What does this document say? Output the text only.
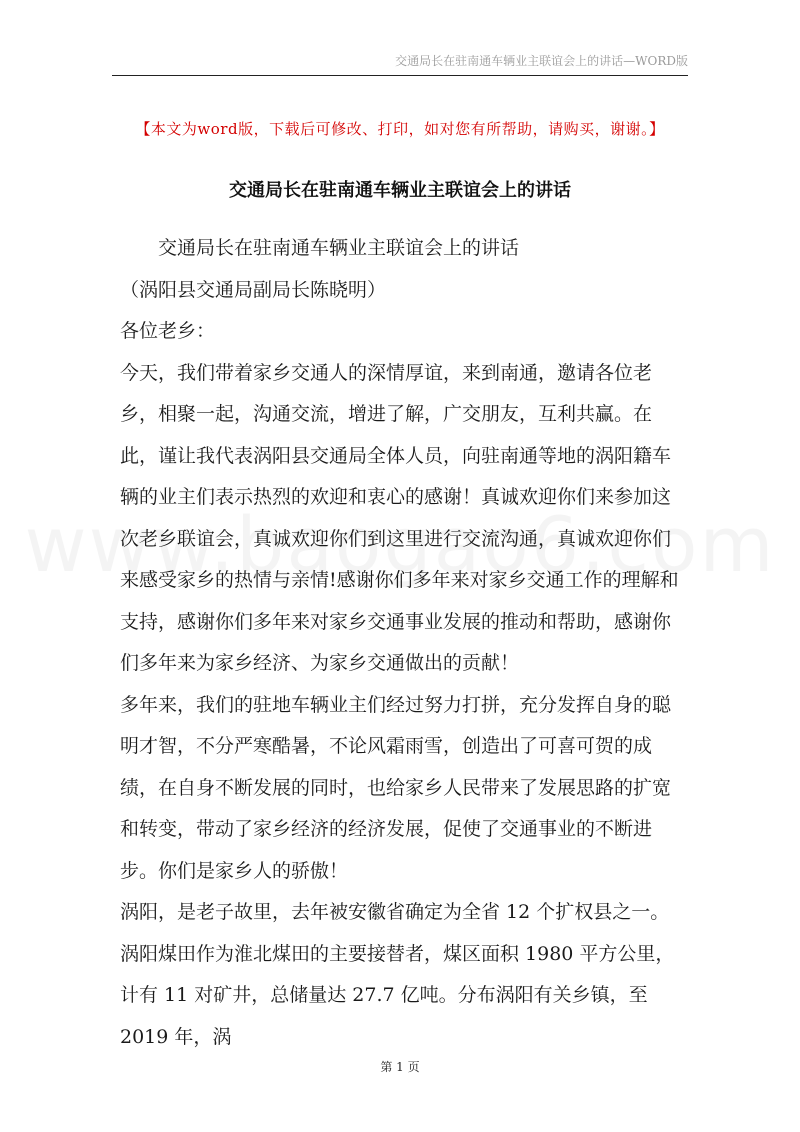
交通局长在驻南通车辆业主联谊会上的讲话—WORD版
【本文为word版，下载后可修改、打印，如对您有所帮助，请购买，谢谢。】
交通局长在驻南通车辆业主联谊会上的讲话

交通局长在驻南通车辆业主联谊会上的讲话

（涡阳县交通局副局长陈晓明）

各位老乡：

今天，我们带着家乡交通人的深情厚谊，来到南通，邀请各位老乡，相聚一起，沟通交流，增进了解，广交朋友，互利共赢。在此，谨让我代表涡阳县交通局全体人员，向驻南通等地的涡阳籍车辆的业主们表示热烈的欢迎和衷心的感谢！真诚欢迎你们来参加这次老乡联谊会，真诚欢迎你们到这里进行交流沟通，真诚欢迎你们来感受家乡的热情与亲情!感谢你们多年来对家乡交通工作的理解和支持，感谢你们多年来对家乡交通事业发展的推动和帮助，感谢你们多年来为家乡经济、为家乡交通做出的贡献！

多年来，我们的驻地车辆业主们经过努力打拼，充分发挥自身的聪明才智，不分严寒酷暑，不论风霜雨雪，创造出了可喜可贺的成绩，在自身不断发展的同时，也给家乡人民带来了发展思路的扩宽和转变，带动了家乡经济的经济发展，促使了交通事业的不断进步。你们是家乡人的骄傲！

涡阳，是老子故里，去年被安徽省确定为全省 12 个扩权县之一。涡阳煤田作为淮北煤田的主要接替者，煤区面积 1980 平方公里，计有 11 对矿井，总储量达 27.7 亿吨。分布涡阳有关乡镇，至 2019 年，涡

第 1 页
